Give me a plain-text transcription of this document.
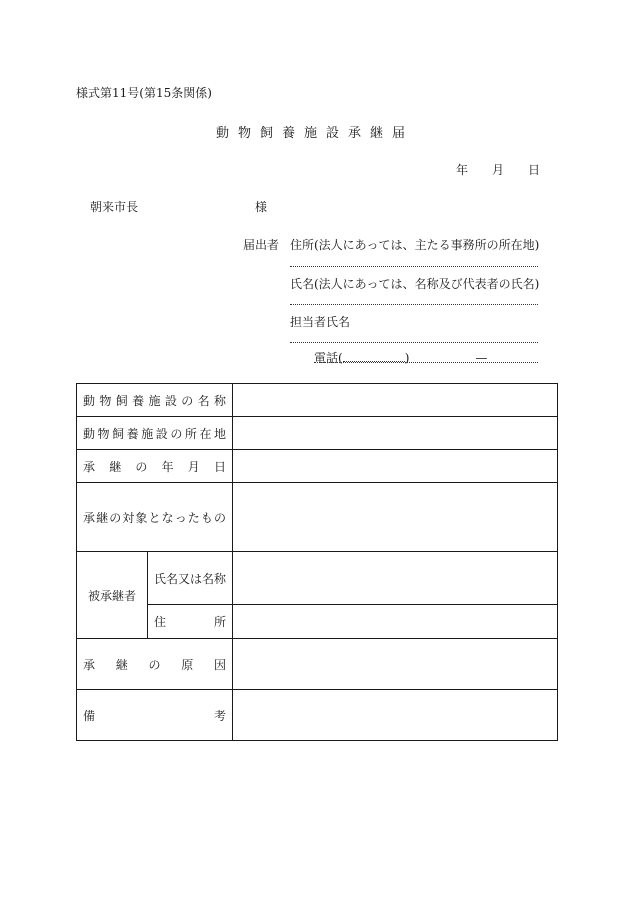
様式第11号(第15条関係)
動物飼養施設承継届
年 月 日
朝来市長	様
届出者 住所(法人にあっては、主たる事務所の所在地)
氏名(法人にあっては、名称及び代表者の氏名)
担当者氏名
電話(	)	—
動物飼養施設の名称		

動物飼養施設の所在地		

承継の年月日		

承継の対象となったもの		

被承継者	氏名又は名称	

	住所	

承継の原因		

備考		
